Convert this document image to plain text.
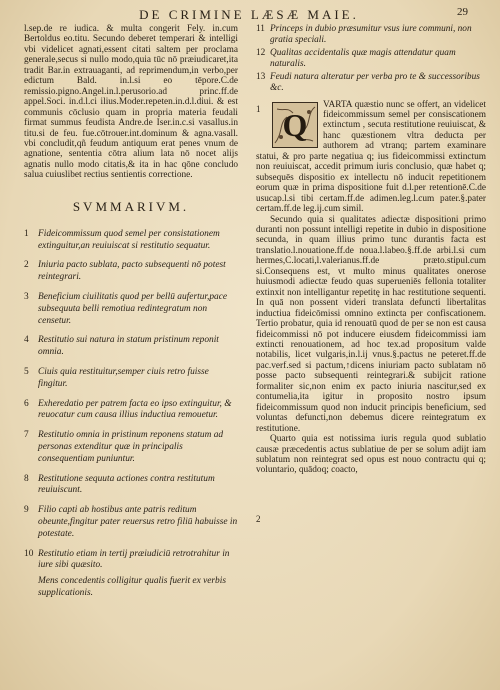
DE CRIMINE LÆSÆ MAIE.	29

l.sep.de re iudica. & multa congerit Fely. in.cum Bertoldus eo.titu. Secundo deberet temperari & intelligi vbi videlicet agnati,essent citati saltem per proclama generale,secus si nullo modo,quia tūc nō præiudicaret,ita tradit Bar.in extrauaganti, ad reprimendum,in verbo,per edictum Bald. in.l.si eo tēpore.C.de remissio.pigno.Angel.in.l.perusorio.ad princ.ff.de appel.Soci. in.d.l.ci ilius.Moder.repeten.in.d.l.diui. & est communis cōclusio quam in propria materia feudali firmat summus feudista Andre.de Iser.in.c.si vasallus.in titu.si de feu. fue.cōtrouer.int.dominum & agna.vasall. vbi concludit,qñ feudum antiquum erat penes vnum de agnatione, sententia cōtra alium lata nō nocet alijs agnatis nullo modo citatis,& ita in hac qōne concludo salua cuiuslibet rectius sentientis correctione.

SVMMARIVM.
1 Fideicommissum quod semel per consistationem extinguitur,an reuiuiscat si restitutio sequatur.
2 Iniuria pacto sublata, pacto subsequenti nō potest reintegrari.
3 Beneficium ciuilitatis quod per bellū aufertur,pace subsequuta belli remotiua redintegratum non censetur.
4 Restitutio sui natura in statum pristinum reponit omnia.
5 Ciuis quia restituitur,semper ciuis retro fuisse fingitur.
6 Exheredatio per patrem facta eo ipso extinguitur, & reuocatur cum causa illius inductiua remouetur.
7 Restitutio omnia in pristinum reponens statum ad personas extenditur quæ in principalis consequentiam puniuntur.
8 Restitutione sequuta actiones contra restitutum reuiuiscunt.
9 Filio capti ab hostibus ante patris reditum obeunte,fingitur pater reuersus retro filiū habuisse in potestate.
10 Restitutio etiam in tertij præiudiciū retrotrahitur in iure sibi quæsito.
Mens concedentis colligitur qualis fuerit ex verbis supplicationis.
11 Princeps in dubio præsumitur vsus iure communi, non gratia speciali.
12 Qualitas accidentalis quæ magis attendatur quam naturalis.
13 Feudi natura alteratur per verba pro te & successoribus &c.
1
2
Q

VARTA quæstio nunc se offert, an videlicet fideicommissum semel per consiscationem extinctum , secuta restitutione reuiuiscat, & hanc quæstionem vltra deducta per authorem ad vtranq; partem examinare statui, & pro parte negatiua q; ius fideicommissi extinctum non reuiuiscat, accedit primum iuris conclusio, quæ habet q; subsequēs dispositio ex intellectu nō inducit repetitionem eorum quæ in prima dispositione fuit d.l.per retentionē.C.de usucap.l.si tibi certam.ff.de adimen.leg.l.cum pater.§.pater certam.ff.de leg.ij.cum simil.

Secundo quia si qualitates adiectæ dispositioni primo duranti non possunt intelligi repetite in dubio in dispositione secunda, in quam illius primo tunc durantis facta est translatio.l.nouatione.ff.de noua.l.labeo.§.ff.de arbi.l.si cum hermes,C.locati,l.valerianus.ff.de præto.stipul.cum si.Consequens est, vt multo minus qualitates onerose huiusmodi adiectæ feudo quas superueniēs fellonia totaliter extinxit non intelligantur repetitę in hac restitutione sequenti. In quā non possent videri translata defuncti libertalitas inductiua fideicōmissi omnino extincta per confiscationem. Tertio probatur, quia id renouatū quod de per se non est causa fideicommissi nō pot inducere eiusdem fideicommissi iam extincti renouationem, ad hoc tex.ad propositum valde notabilis, licet vulgaris,in.l.ij vnus.§.pactus ne peteret.ff.de pac.verf.sed si pactum,↑dicens iniuriam pacto sublatam nō posse pacto subsequenti reintegrari.& subijcit ratione formaliter sic,non enim ex pacto iniuria nascitur,sed ex contumelia,ita igitur in proposito nostro ipsum fideicommissum quod non inducit principis beneficium, sed voluntas defuncti,non debemus dicere reintegratum ex restitutione.

Quarto quia est notissima iuris regula quod sublatio causæ præcedentis actus sublatiue de per se solum adijt iam sublatum non reintegrat sed opus est nouo contractu qui q; voluntario, quādoq; coacto,
